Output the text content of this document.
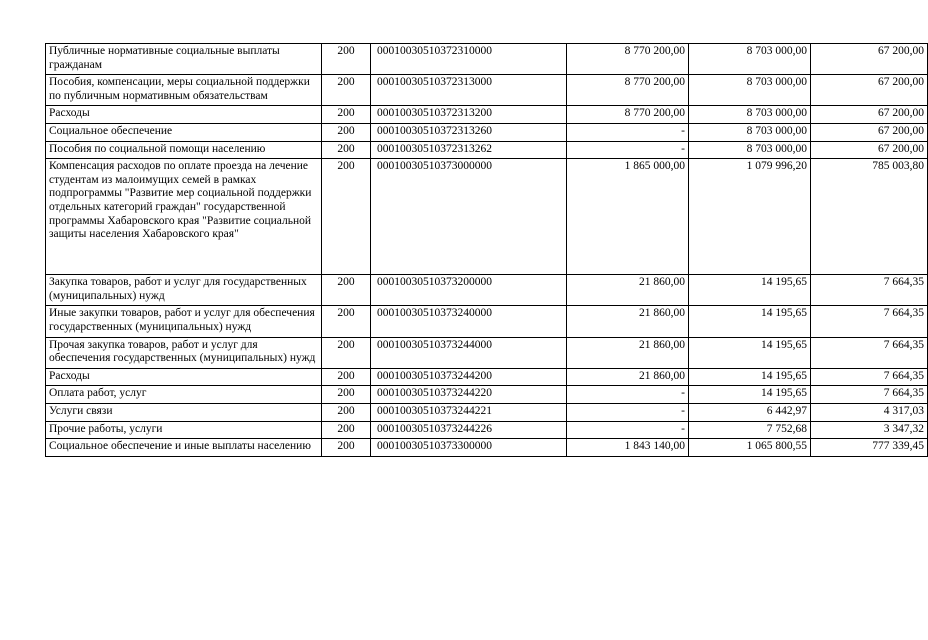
Публичные нормативные социальные выплаты гражданам	200	00010030510372310000	8 770 200,00	8 703 000,00	67 200,00
Пособия, компенсации, меры социальной поддержки по публичным нормативным обязательствам	200	00010030510372313000	8 770 200,00	8 703 000,00	67 200,00
Расходы	200	00010030510372313200	8 770 200,00	8 703 000,00	67 200,00
Социальное обеспечение	200	00010030510372313260	-	8 703 000,00	67 200,00
Пособия по социальной помощи населению	200	00010030510372313262	-	8 703 000,00	67 200,00
Компенсация расходов по оплате проезда на лечение студентам из малоимущих семей в рамках подпрограммы "Развитие мер социальной поддержки отдельных категорий граждан" государственной программы Хабаровского края "Развитие социальной защиты населения Хабаровского края"	200	00010030510373000000	1 865 000,00	1 079 996,20	785 003,80
Закупка товаров, работ и услуг для государственных (муниципальных) нужд	200	00010030510373200000	21 860,00	14 195,65	7 664,35
Иные закупки товаров, работ и услуг для обеспечения государственных (муниципальных) нужд	200	00010030510373240000	21 860,00	14 195,65	7 664,35
Прочая закупка товаров, работ и услуг для обеспечения государственных (муниципальных) нужд	200	00010030510373244000	21 860,00	14 195,65	7 664,35
Расходы	200	00010030510373244200	21 860,00	14 195,65	7 664,35
Оплата работ, услуг	200	00010030510373244220	-	14 195,65	7 664,35
Услуги связи	200	00010030510373244221	-	6 442,97	4 317,03
Прочие работы, услуги	200	00010030510373244226	-	7 752,68	3 347,32
Социальное обеспечение и иные выплаты населению	200	00010030510373300000	1 843 140,00	1 065 800,55	777 339,45
